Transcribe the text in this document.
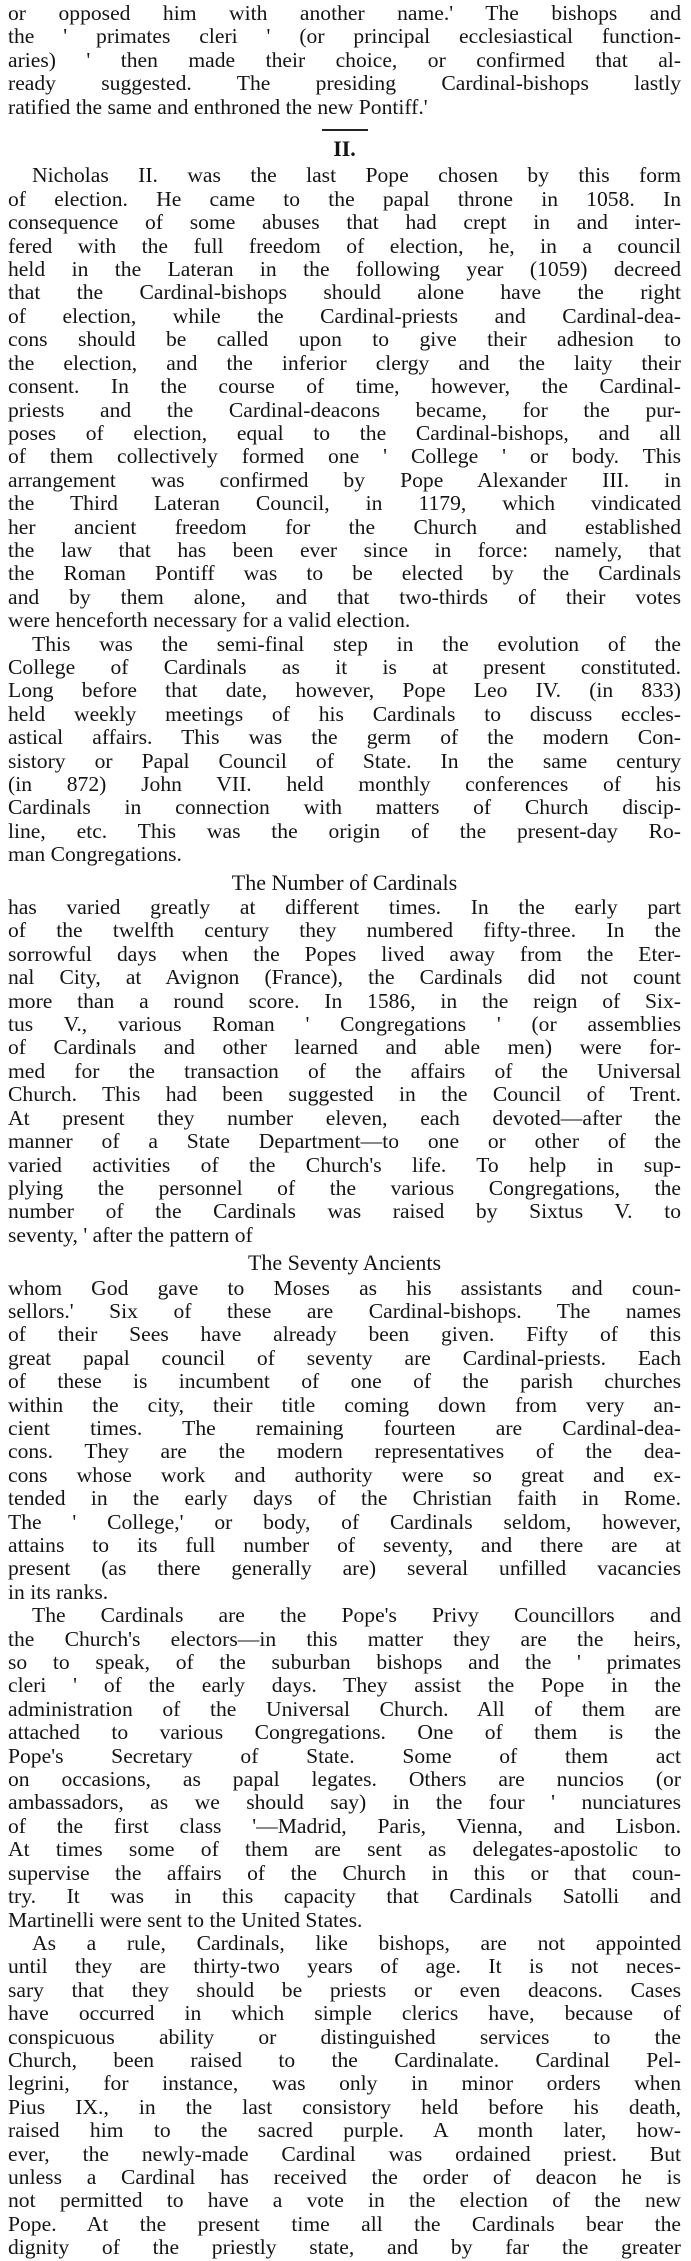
or opposed him with another name.' The bishops and
the ' primates cleri ' (or principal ecclesiastical function-
aries) ' then made their choice, or confirmed that al-
ready suggested. The presiding Cardinal-bishops lastly
ratified the same and enthroned the new Pontiff.'
II.
Nicholas II. was the last Pope chosen by this form
of election. He came to the papal throne in 1058. In
consequence of some abuses that had crept in and inter-
fered with the full freedom of election, he, in a council
held in the Lateran in the following year (1059) decreed
that the Cardinal-bishops should alone have the right
of election, while the Cardinal-priests and Cardinal-dea-
cons should be called upon to give their adhesion to
the election, and the inferior clergy and the laity their
consent. In the course of time, however, the Cardinal-
priests and the Cardinal-deacons became, for the pur-
poses of election, equal to the Cardinal-bishops, and all
of them collectively formed one ' College ' or body. This
arrangement was confirmed by Pope Alexander III. in
the Third Lateran Council, in 1179, which vindicated
her ancient freedom for the Church and established
the law that has been ever since in force: namely, that
the Roman Pontiff was to be elected by the Cardinals
and by them alone, and that two-thirds of their votes
were henceforth necessary for a valid election.
This was the semi-final step in the evolution of the
College of Cardinals as it is at present constituted.
Long before that date, however, Pope Leo IV. (in 833)
held weekly meetings of his Cardinals to discuss eccles-
astical affairs. This was the germ of the modern Con-
sistory or Papal Council of State. In the same century
(in 872) John VII. held monthly conferences of his
Cardinals in connection with matters of Church discip-
line, etc. This was the origin of the present-day Ro-
man Congregations.
The Number of Cardinals
has varied greatly at different times. In the early part
of the twelfth century they numbered fifty-three. In the
sorrowful days when the Popes lived away from the Eter-
nal City, at Avignon (France), the Cardinals did not count
more than a round score. In 1586, in the reign of Six-
tus V., various Roman ' Congregations ' (or assemblies
of Cardinals and other learned and able men) were for-
med for the transaction of the affairs of the Universal
Church. This had been suggested in the Council of Trent.
At present they number eleven, each devoted—after the
manner of a State Department—to one or other of the
varied activities of the Church's life. To help in sup-
plying the personnel of the various Congregations, the
number of the Cardinals was raised by Sixtus V. to
seventy, ' after the pattern of
The Seventy Ancients
whom God gave to Moses as his assistants and coun-
sellors.' Six of these are Cardinal-bishops. The names
of their Sees have already been given. Fifty of this
great papal council of seventy are Cardinal-priests. Each
of these is incumbent of one of the parish churches
within the city, their title coming down from very an-
cient times. The remaining fourteen are Cardinal-dea-
cons. They are the modern representatives of the dea-
cons whose work and authority were so great and ex-
tended in the early days of the Christian faith in Rome.
The ' College,' or body, of Cardinals seldom, however,
attains to its full number of seventy, and there are at
present (as there generally are) several unfilled vacancies
in its ranks.
The Cardinals are the Pope's Privy Councillors and
the Church's electors—in this matter they are the heirs,
so to speak, of the suburban bishops and the ' primates
cleri ' of the early days. They assist the Pope in the
administration of the Universal Church. All of them are
attached to various Congregations. One of them is the
Pope's Secretary of State. Some of them act
on occasions, as papal legates. Others are nuncios (or
ambassadors, as we should say) in the four ' nunciatures
of the first class '—Madrid, Paris, Vienna, and Lisbon.
At times some of them are sent as delegates-apostolic to
supervise the affairs of the Church in this or that coun-
try. It was in this capacity that Cardinals Satolli and
Martinelli were sent to the United States.
As a rule, Cardinals, like bishops, are not appointed
until they are thirty-two years of age. It is not neces-
sary that they should be priests or even deacons. Cases
have occurred in which simple clerics have, because of
conspicuous ability or distinguished services to the
Church, been raised to the Cardinalate. Cardinal Pel-
legrini, for instance, was only in minor orders when
Pius IX., in the last consistory held before his death,
raised him to the sacred purple. A month later, how-
ever, the newly-made Cardinal was ordained priest. But
unless a Cardinal has received the order of deacon he is
not permitted to have a vote in the election of the new
Pope. At the present time all the Cardinals bear the
dignity of the priestly state, and by far the greater
